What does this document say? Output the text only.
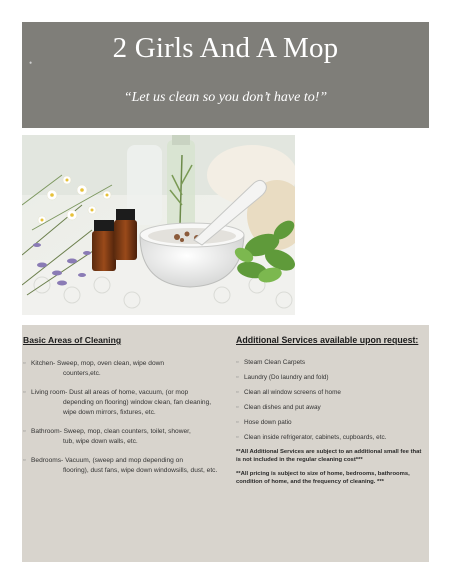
•	2 Girls And A Mop
“Let us clean so you don’t have to!”
Basic Areas of Cleaning
▫ Kitchen- Sweep, mop, oven clean, wipe down
counters,etc.
▫ Living room- Dust all areas of home, vacuum, (or mop
depending on flooring) window clean, fan cleaning, wipe down mirrors, fixtures, etc.
▫ Bathroom- Sweep, mop, clean counters, toilet, shower,
tub, wipe down walls, etc.
▫ Bedrooms- Vacuum, (sweep and mop depending on
flooring), dust fans, wipe down windowsills, dust, etc.
Additional Services available upon request:
▫ Steam Clean Carpets
▫ Laundry (Do laundry and fold)
▫ Clean all window screens of home
▫ Clean dishes and put away
▫ Hose down patio
▫ Clean inside refrigerator, cabinets, cupboards, etc.

**All Additional Services are subject to an additional small fee that is not included in the regular cleaning cost***

**All pricing is subject to size of home, bedrooms, bathrooms, condition of home, and the frequency of cleaning. ***
